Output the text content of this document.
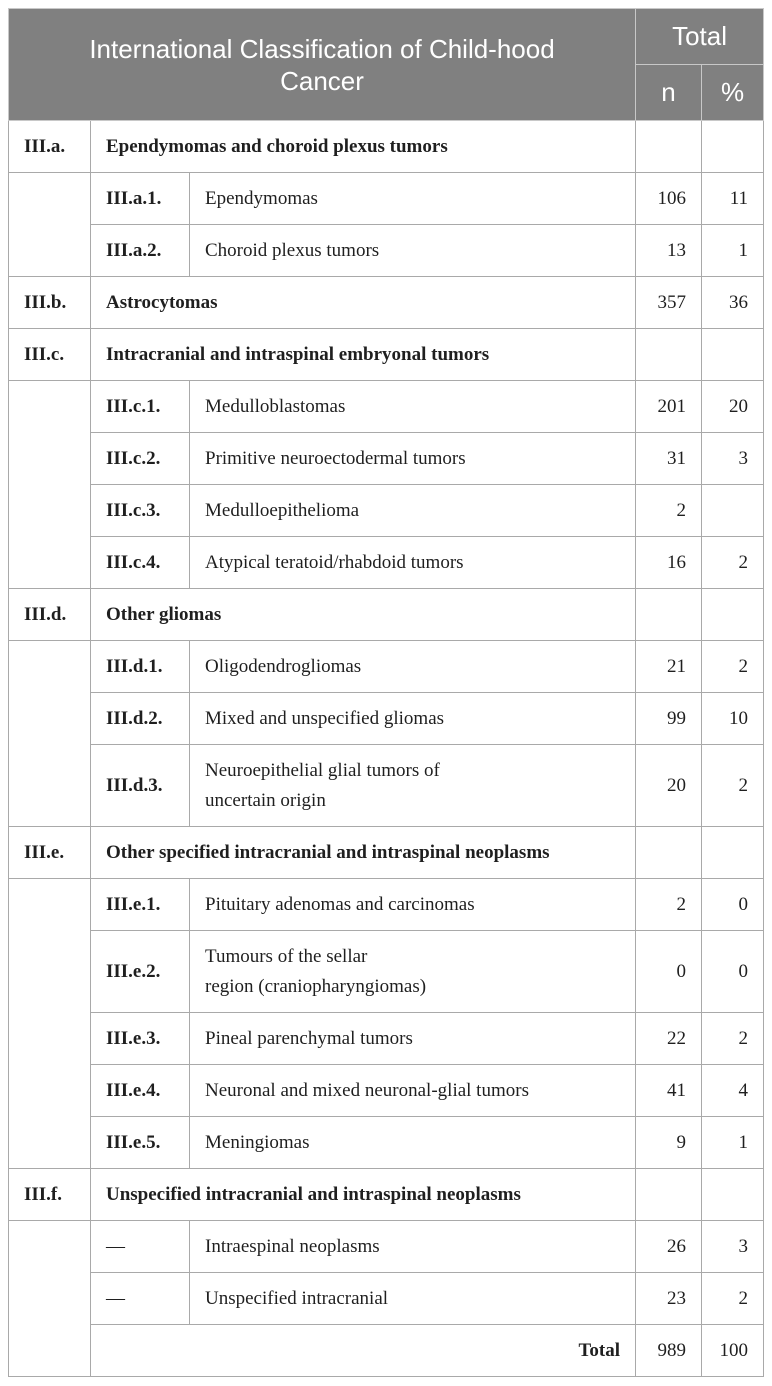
International Classification of Child-hood Cancer			Total	
			n	%
III.a.	Ependymomas and choroid plexus tumors			
	III.a.1.	Ependymomas	106	11
	III.a.2.	Choroid plexus tumors	13	1
III.b.	Astrocytomas		357	36
III.c.	Intracranial and intraspinal embryonal tumors			
	III.c.1.	Medulloblastomas	201	20
	III.c.2.	Primitive neuroectodermal tumors	31	3
	III.c.3.	Medulloepithelioma	2	
	III.c.4.	Atypical teratoid/rhabdoid tumors	16	2
III.d.	Other gliomas			
	III.d.1.	Oligodendrogliomas	21	2
	III.d.2.	Mixed and unspecified gliomas	99	10
	III.d.3.	Neuroepithelial glial tumors of
uncertain origin	20	2
III.e.	Other specified intracranial and intraspinal neoplasms			
	III.e.1.	Pituitary adenomas and carcinomas	2	0
	III.e.2.	Tumours of the sellar
region (craniopharyngiomas)	0	0
	III.e.3.	Pineal parenchymal tumors	22	2
	III.e.4.	Neuronal and mixed neuronal-glial tumors	41	4
	III.e.5.	Meningiomas	9	1
III.f.	Unspecified intracranial and intraspinal neoplasms			
	—	Intraespinal neoplasms	26	3
	—	Unspecified intracranial	23	2
	Total		989	100
